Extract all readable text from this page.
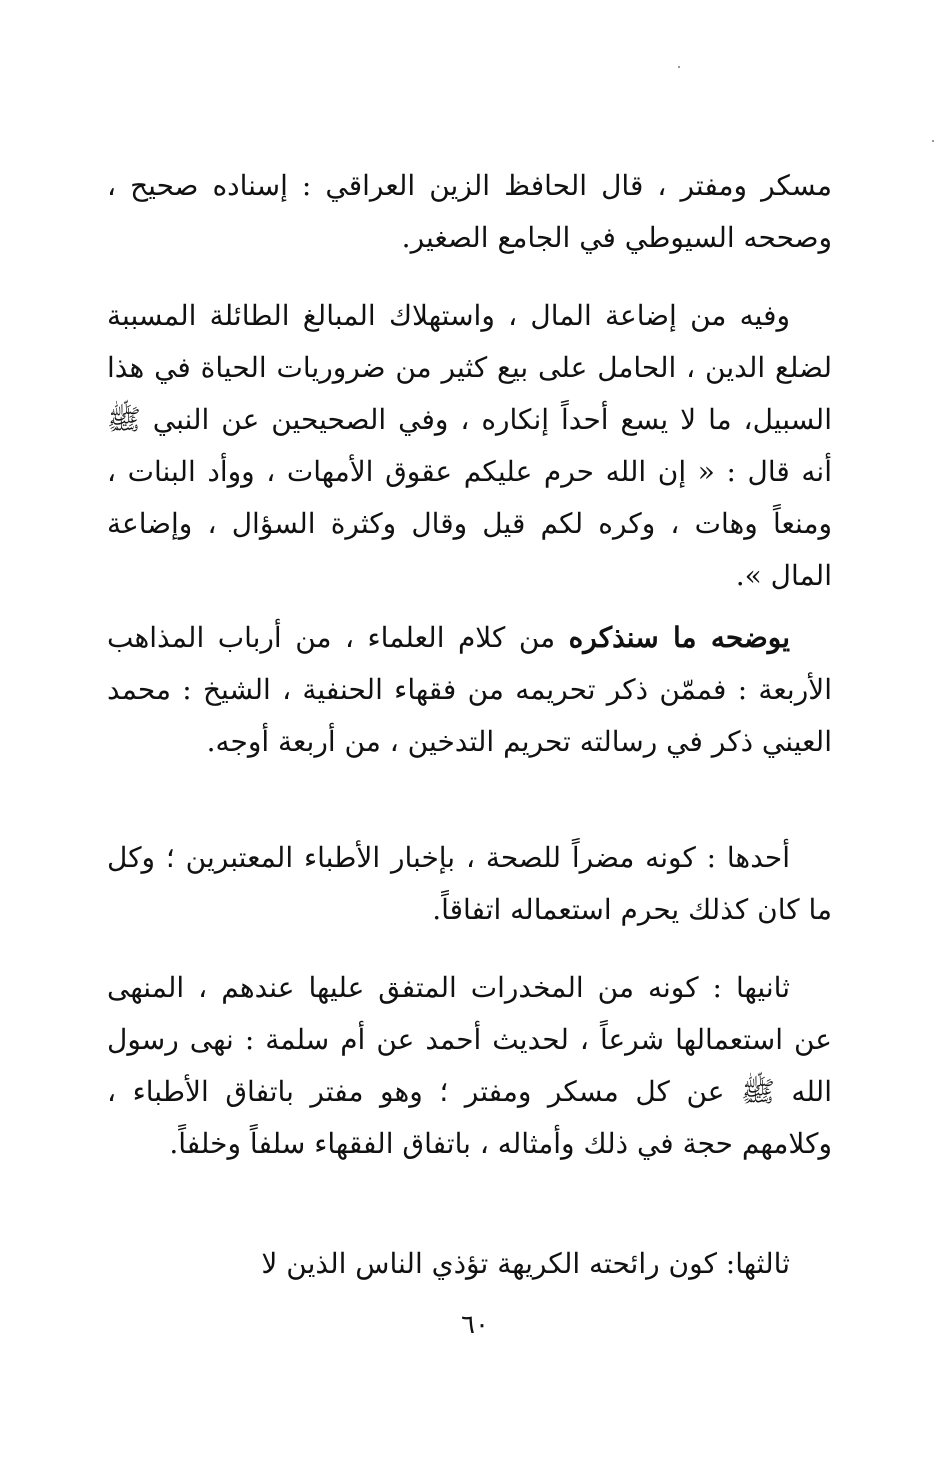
مسكر ومفتر ، قال الحافظ الزين العراقي : إسناده صحيح ، وصححه السيوطي في الجامع الصغير.

وفيه من إضاعة المال ، واستهلاك المبالغ الطائلة المسببة لضلع الدين ، الحامل على بيع كثير من ضروريات الحياة في هذا السبيل، ما لا يسع أحداً إنكاره ، وفي الصحيحين عن النبي ﷺ أنه قال : « إن الله حرم عليكم عقوق الأمهات ، ووأد البنات ، ومنعاً وهات ، وكره لكم قيل وقال وكثرة السؤال ، وإضاعة المال ».

يوضحه ما سنذكره من كلام العلماء ، من أرباب المذاهب الأربعة : فممّن ذكر تحريمه من فقهاء الحنفية ، الشيخ : محمد العيني ذكر في رسالته تحريم التدخين ، من أربعة أوجه.

أحدها : كونه مضراً للصحة ، بإخبار الأطباء المعتبرين ؛ وكل ما كان كذلك يحرم استعماله اتفاقاً.

ثانيها : كونه من المخدرات المتفق عليها عندهم ، المنهى عن استعمالها شرعاً ، لحديث أحمد عن أم سلمة : نهى رسول الله ﷺ عن كل مسكر ومفتر ؛ وهو مفتر باتفاق الأطباء ، وكلامهم حجة في ذلك وأمثاله ، باتفاق الفقهاء سلفاً وخلفاً.

ثالثها: كون رائحته الكريهة تؤذي الناس الذين لا

٦٠
